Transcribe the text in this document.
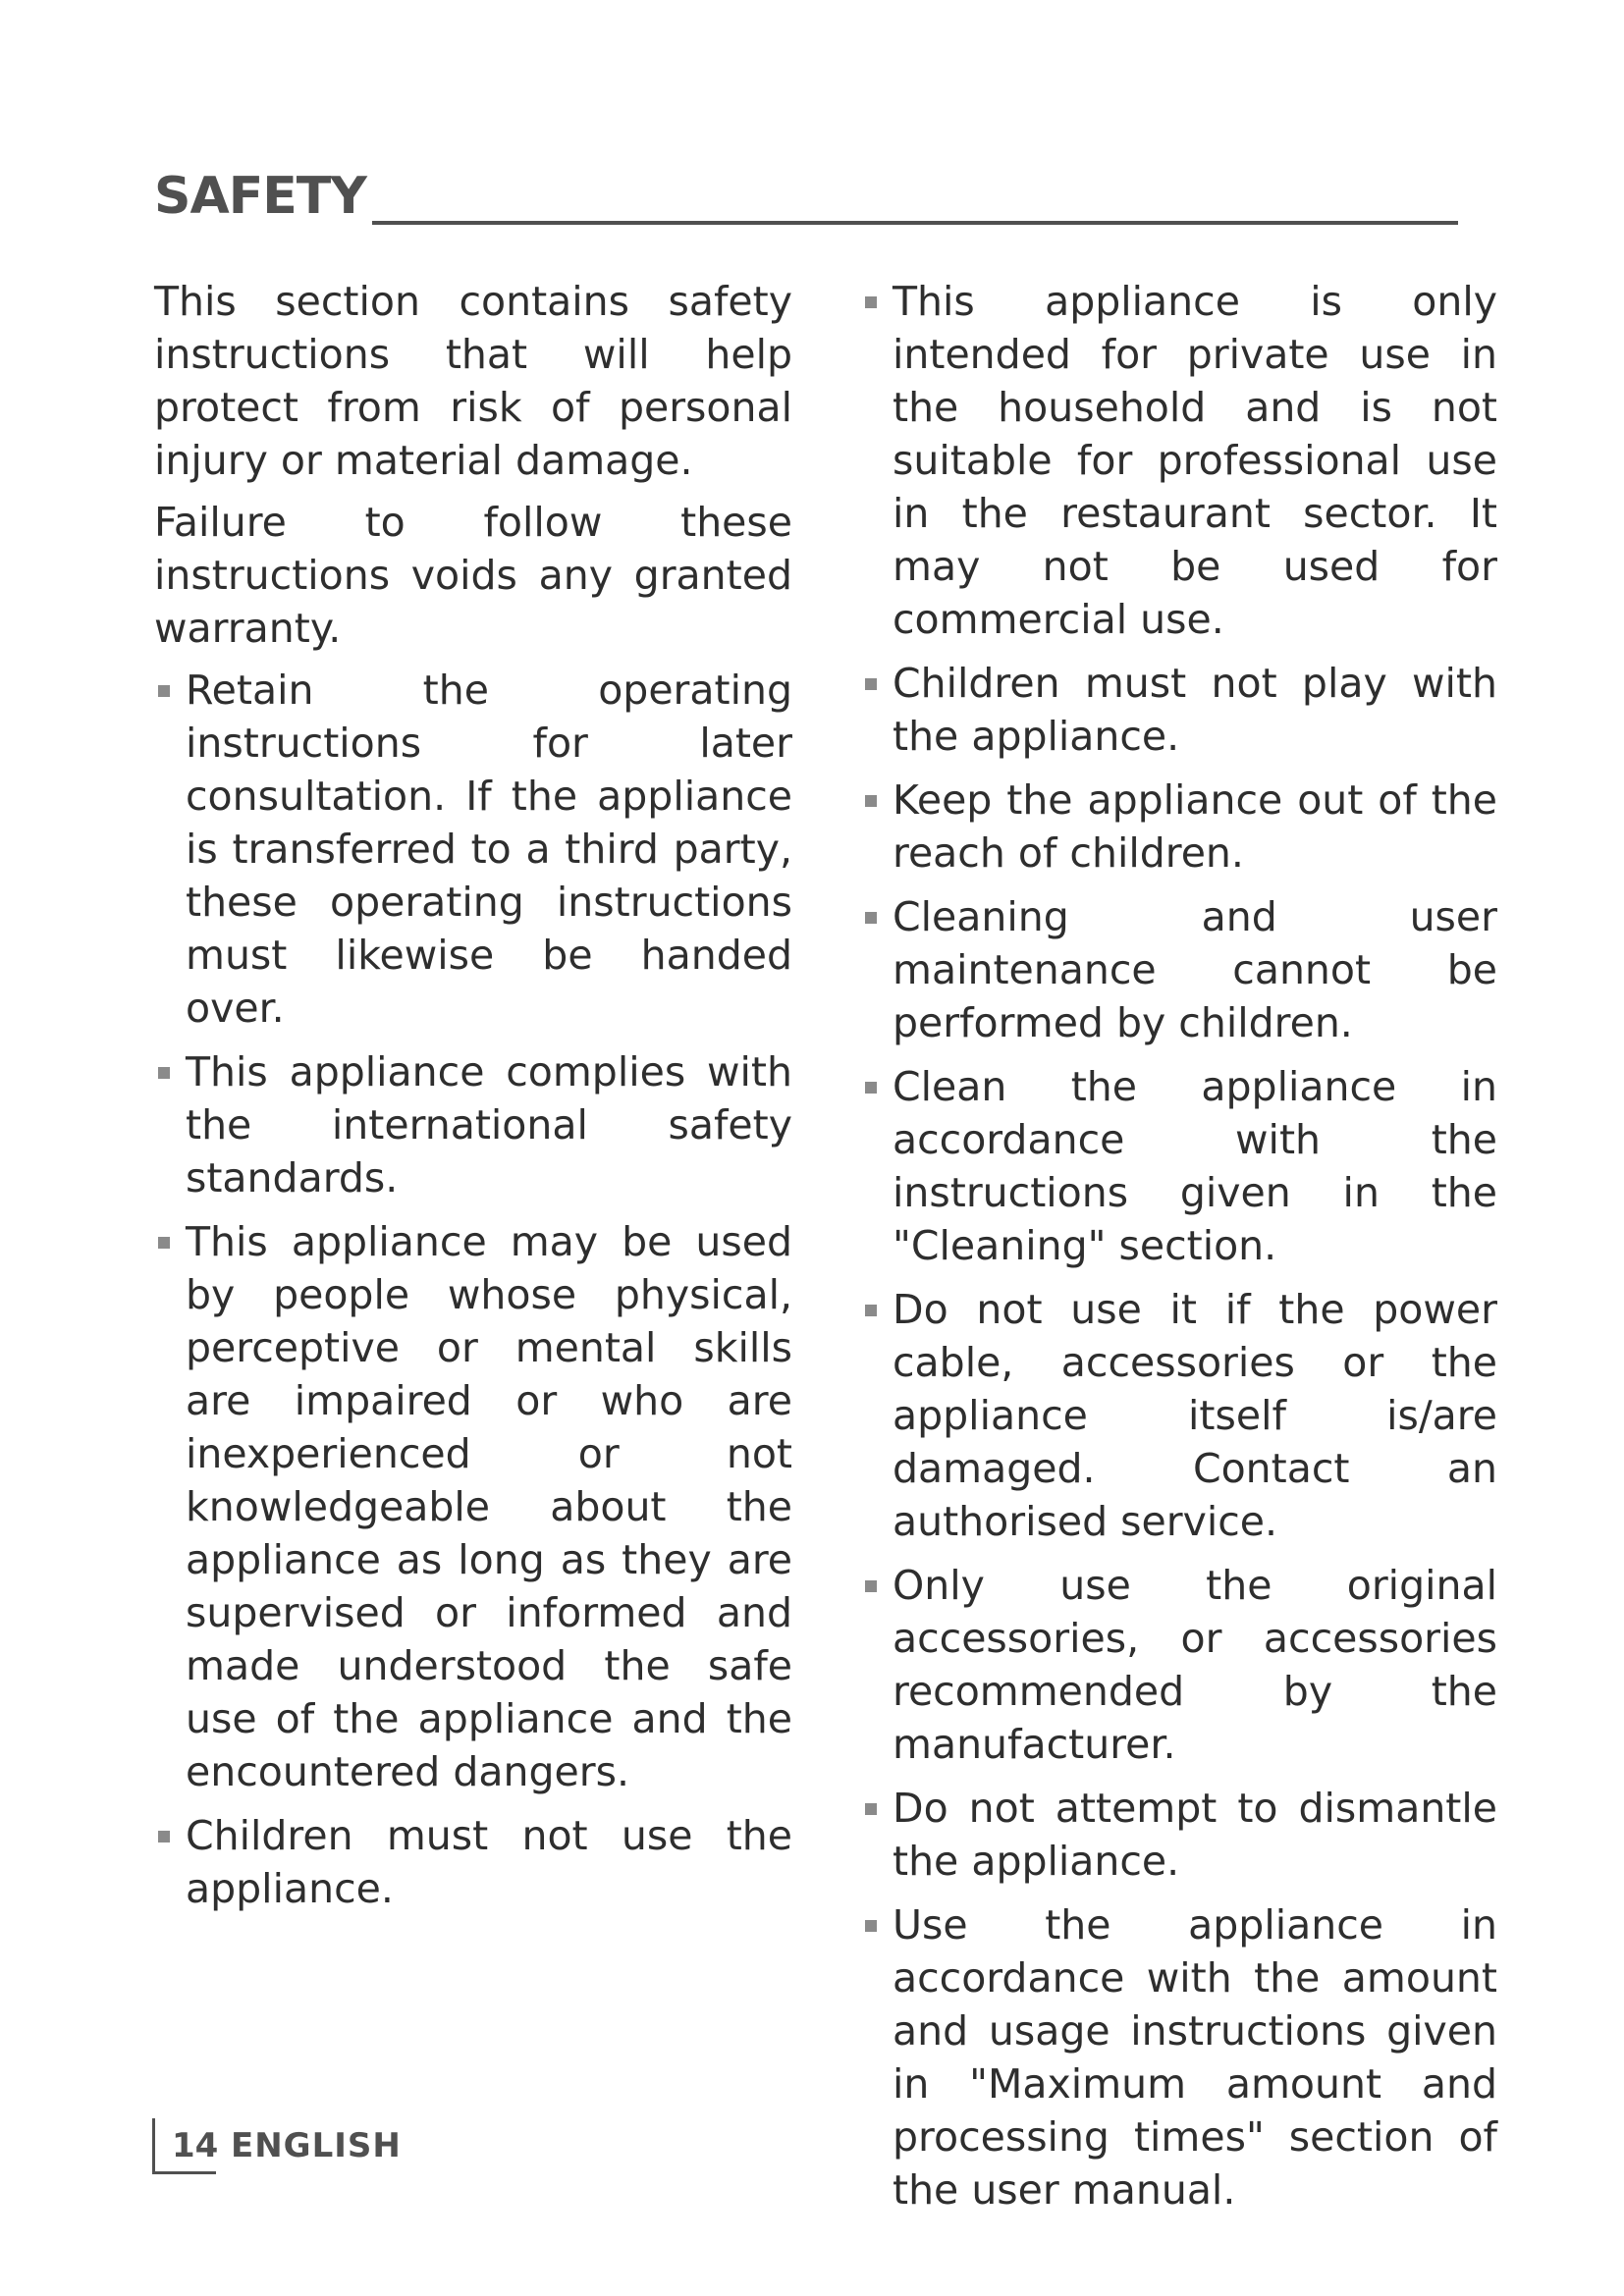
SAFETY

This section contains safety instructions that will help protect from risk of personal injury or material damage.

Failure to follow these instructions voids any granted warranty.

Retain the operating instructions for later consultation. If the appliance is transferred to a third party, these operating instructions must likewise be handed over.
This appliance complies with the international safety standards.
This appliance may be used by people whose physical, perceptive or mental skills are impaired or who are inexperienced or not knowledgeable about the appliance as long as they are supervised or informed and made understood the safe use of the appliance and the encountered dangers.
Children must not use the appliance.
This appliance is only intended for private use in the household and is not suitable for professional use in the restaurant sector. It may not be used for commercial use.
Children must not play with the appliance.
Keep the appliance out of the reach of children.
Cleaning and user maintenance cannot be performed by children.
Clean the appliance in accordance with the instructions given in the "Cleaning" section.
Do not use it if the power cable, accessories or the appliance itself is/are damaged. Contact an authorised service.
Only use the original accessories, or accessories recommended by the manufacturer.
Do not attempt to dismantle the appliance.
Use the appliance in accordance with the amount and usage instructions given in "Maximum amount and processing times" section of the user manual.
14 ENGLISH
